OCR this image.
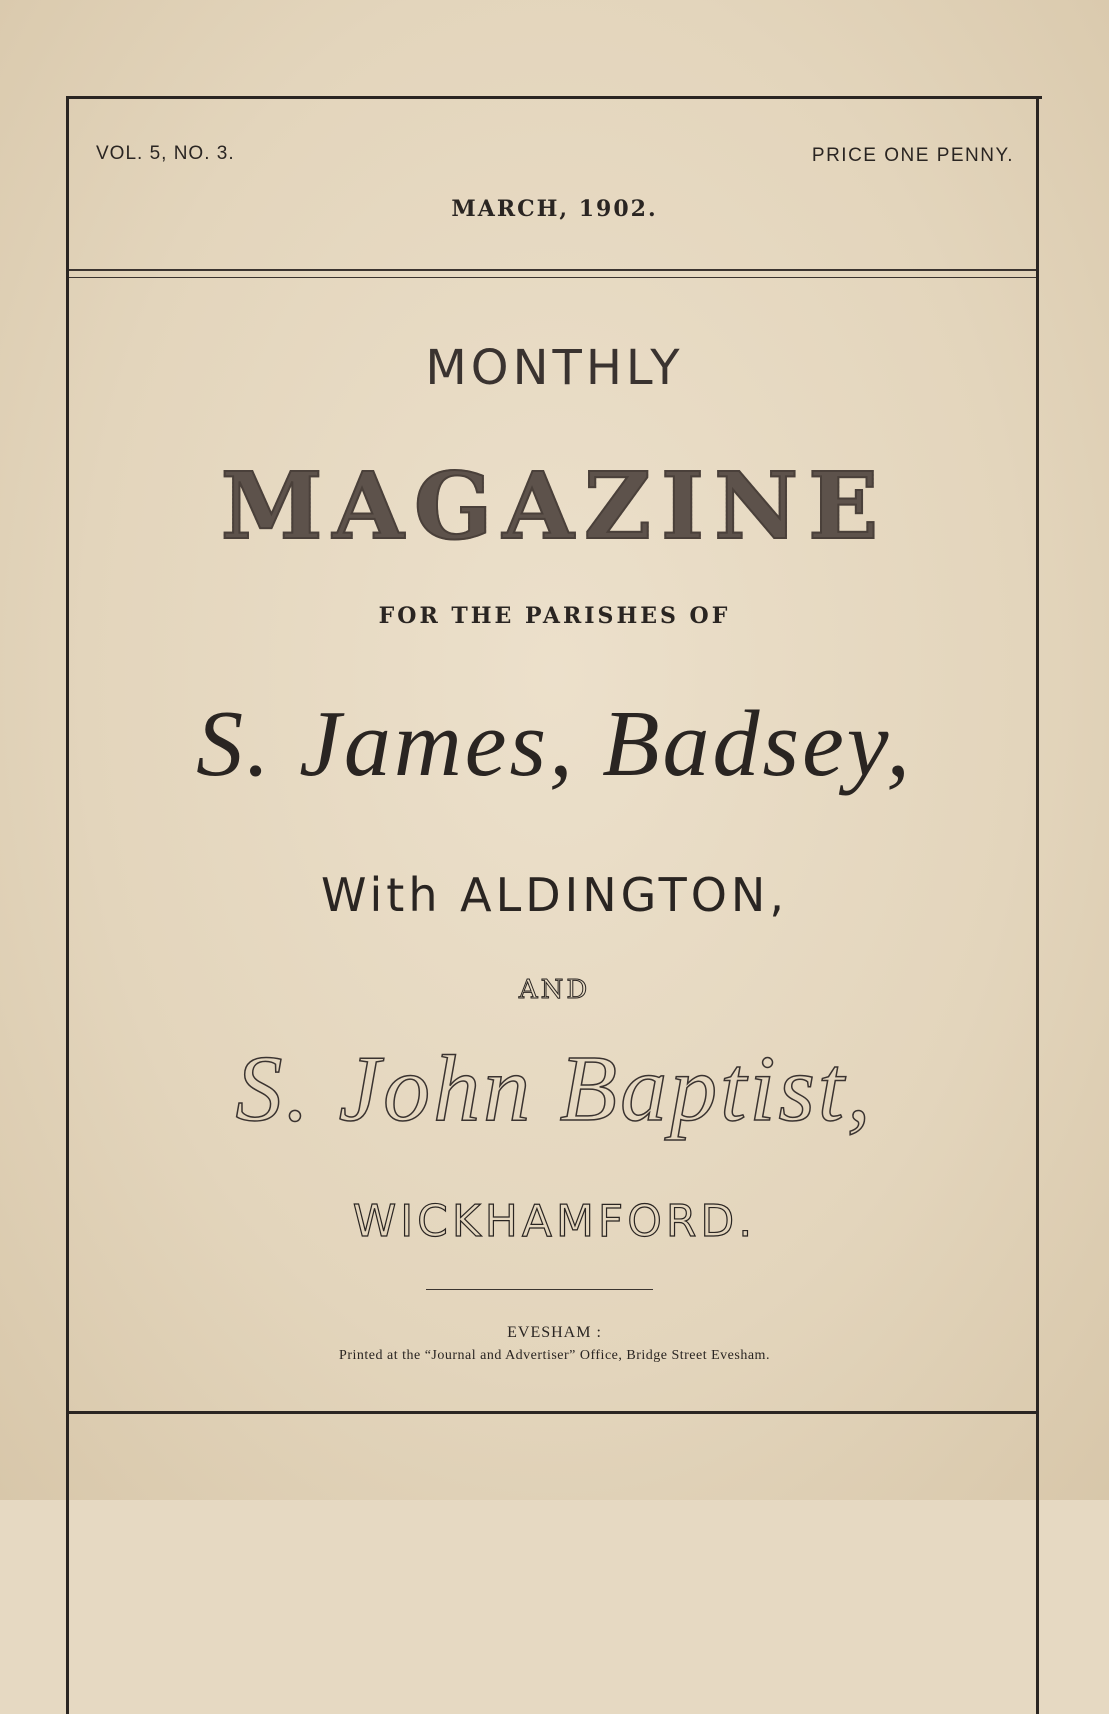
VOL. 5, NO. 3.	PRICE ONE PENNY.
MARCH, 1902.
MONTHLY
MAGAZINE
FOR THE PARISHES OF
S. James, Badsey,
With ALDINGTON,
AND
S. John Baptist,
WICKHAMFORD.
EVESHAM :
Printed at the “Journal and Advertiser” Office, Bridge Street Evesham.
